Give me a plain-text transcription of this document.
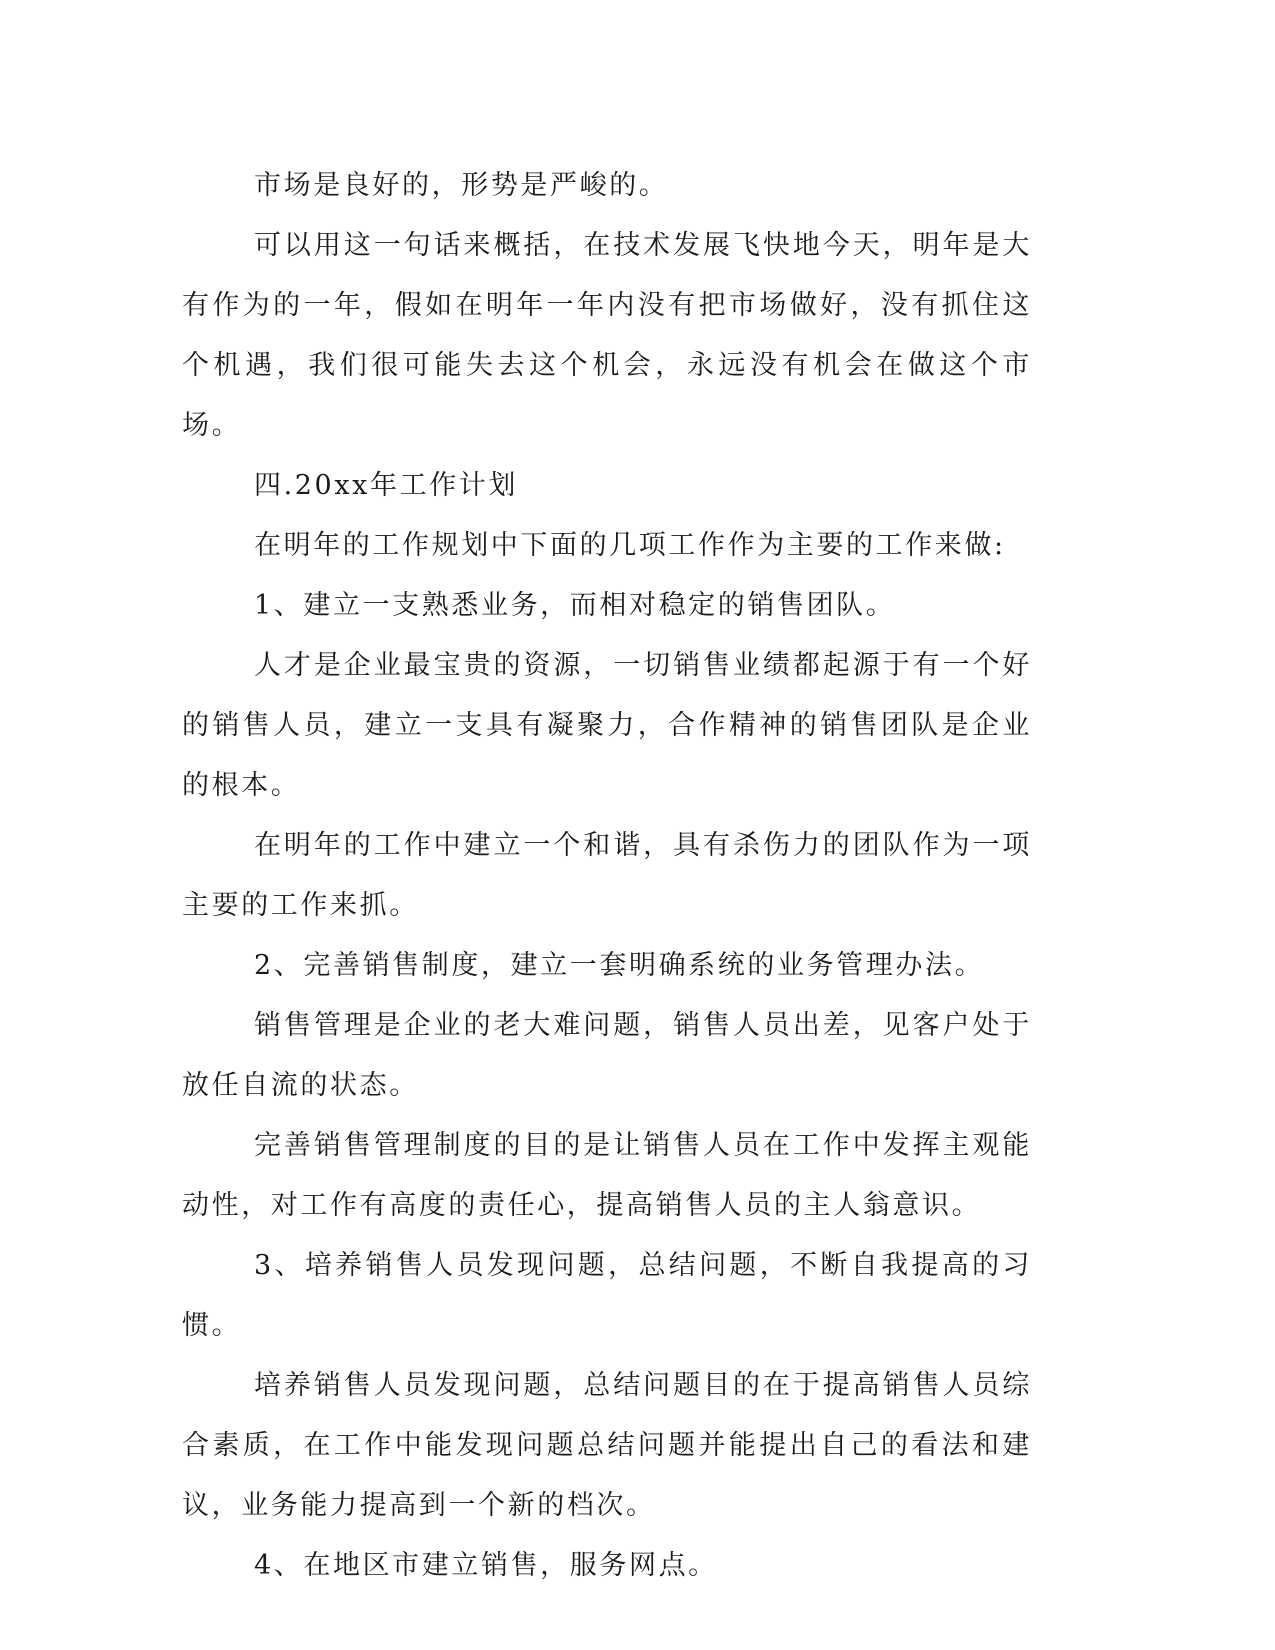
市场是良好的，形势是严峻的。

可以用这一句话来概括，在技术发展飞快地今天，明年是大有作为的一年，假如在明年一年内没有把市场做好，没有抓住这个机遇，我们很可能失去这个机会，永远没有机会在做这个市场。

四.20xx年工作计划

在明年的工作规划中下面的几项工作作为主要的工作来做:

1、建立一支熟悉业务，而相对稳定的销售团队。

人才是企业最宝贵的资源，一切销售业绩都起源于有一个好的销售人员，建立一支具有凝聚力，合作精神的销售团队是企业的根本。

在明年的工作中建立一个和谐，具有杀伤力的团队作为一项主要的工作来抓。

2、完善销售制度，建立一套明确系统的业务管理办法。

销售管理是企业的老大难问题，销售人员出差，见客户处于放任自流的状态。

完善销售管理制度的目的是让销售人员在工作中发挥主观能动性，对工作有高度的责任心，提高销售人员的主人翁意识。

3、培养销售人员发现问题，总结问题，不断自我提高的习惯。

培养销售人员发现问题，总结问题目的在于提高销售人员综合素质，在工作中能发现问题总结问题并能提出自己的看法和建议，业务能力提高到一个新的档次。

4、在地区市建立销售，服务网点。
